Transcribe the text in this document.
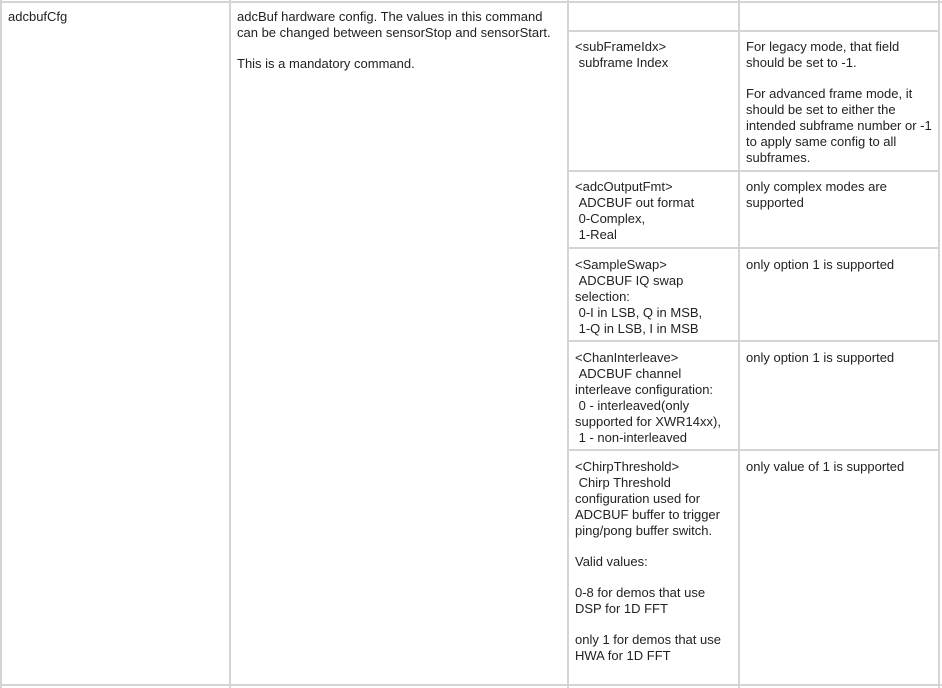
adcbufCfg	adcBuf hardware config. The values in this command can be changed between sensorStop and sensorStart.
This is a mandatory command.
<subFrameIdx>
subframe Index
For legacy mode, that field should be set to -1.
For advanced frame mode, it should be set to either the intended subframe number or -1 to apply same config to all subframes.
<adcOutputFmt>
ADCBUF out format
0-Complex,
1-Real
only complex modes are supported
<SampleSwap>
ADCBUF IQ swap selection:
0-I in LSB, Q in MSB,
1-Q in LSB, I in MSB
only option 1 is supported
<ChanInterleave>
ADCBUF channel interleave configuration:
0 - interleaved(only supported for XWR14xx),
1 - non-interleaved
only option 1 is supported
<ChirpThreshold>
Chirp Threshold configuration used for ADCBUF buffer to trigger ping/pong buffer switch.
Valid values:
0-8 for demos that use DSP for 1D FFT
only 1 for demos that use HWA for 1D FFT
only value of 1 is supported
